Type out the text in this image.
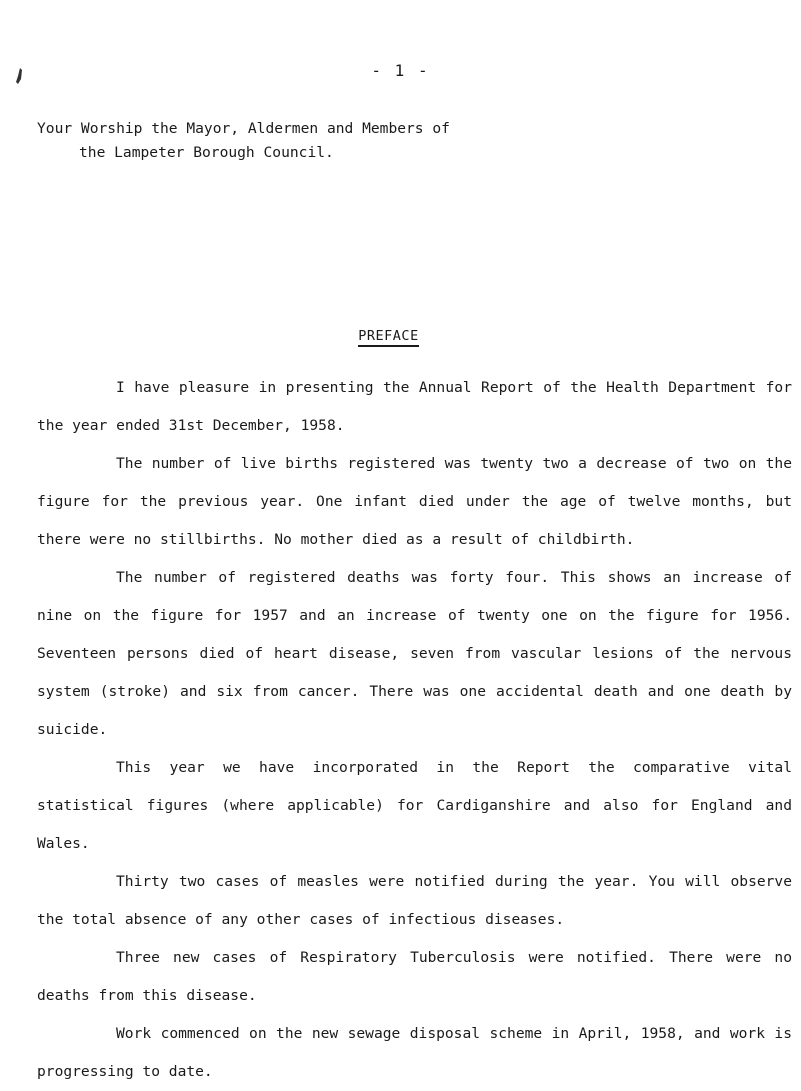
- 1 -
Your Worship the Mayor, Aldermen and Members of
the Lampeter Borough Council.
PREFACE

I have pleasure in presenting the Annual Report of the Health Department for the year ended 31st December, 1958.

The number of live births registered was twenty two a decrease of two on the figure for the previous year. One infant died under the age of twelve months, but there were no stillbirths. No mother died as a result of childbirth.

The number of registered deaths was forty four. This shows an increase of nine on the figure for 1957 and an increase of twenty one on the figure for 1956. Seventeen persons died of heart disease, seven from vascular lesions of the nervous system (stroke) and six from cancer. There was one accidental death and one death by suicide.

This year we have incorporated in the Report the comparative vital statistical figures (where applicable) for Cardiganshire and also for England and Wales.

Thirty two cases of measles were notified during the year. You will observe the total absence of any other cases of infectious diseases.

Three new cases of Respiratory Tuberculosis were notified. There were no deaths from this disease.

Work commenced on the new sewage disposal scheme in April, 1958, and work is progressing to date.
